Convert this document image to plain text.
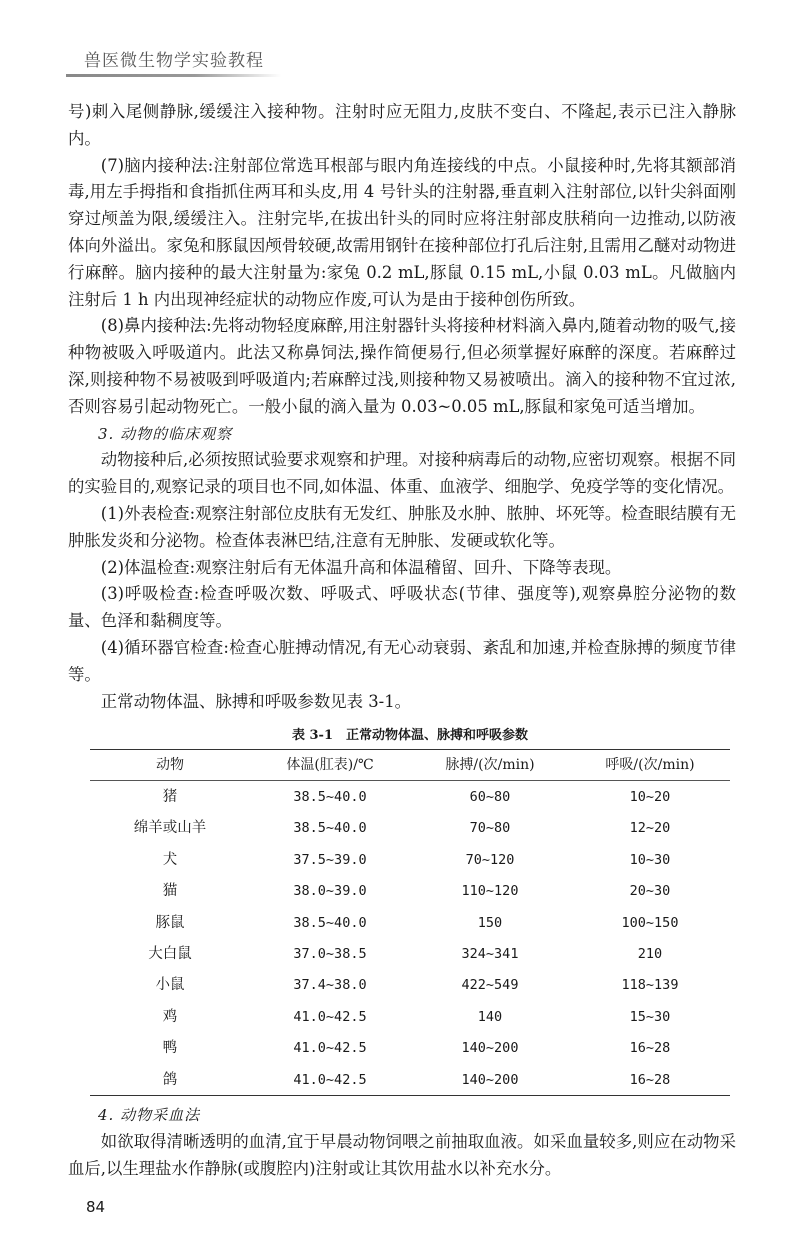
兽医微生物学实验教程

号)刺入尾侧静脉,缓缓注入接种物。注射时应无阻力,皮肤不变白、不隆起,表示已注入静脉内。

(7)脑内接种法:注射部位常选耳根部与眼内角连接线的中点。小鼠接种时,先将其额部消毒,用左手拇指和食指抓住两耳和头皮,用 4 号针头的注射器,垂直刺入注射部位,以针尖斜面刚穿过颅盖为限,缓缓注入。注射完毕,在拔出针头的同时应将注射部皮肤稍向一边推动,以防液体向外溢出。家兔和豚鼠因颅骨较硬,故需用钢针在接种部位打孔后注射,且需用乙醚对动物进行麻醉。脑内接种的最大注射量为:家兔 0.2 mL,豚鼠 0.15 mL,小鼠 0.03 mL。凡做脑内注射后 1 h 内出现神经症状的动物应作废,可认为是由于接种创伤所致。

(8)鼻内接种法:先将动物轻度麻醉,用注射器针头将接种材料滴入鼻内,随着动物的吸气,接种物被吸入呼吸道内。此法又称鼻饲法,操作简便易行,但必须掌握好麻醉的深度。若麻醉过深,则接种物不易被吸到呼吸道内;若麻醉过浅,则接种物又易被喷出。滴入的接种物不宜过浓,否则容易引起动物死亡。一般小鼠的滴入量为 0.03~0.05 mL,豚鼠和家兔可适当增加。

3. 动物的临床观察

动物接种后,必须按照试验要求观察和护理。对接种病毒后的动物,应密切观察。根据不同的实验目的,观察记录的项目也不同,如体温、体重、血液学、细胞学、免疫学等的变化情况。

(1)外表检查:观察注射部位皮肤有无发红、肿胀及水肿、脓肿、坏死等。检查眼结膜有无肿胀发炎和分泌物。检查体表淋巴结,注意有无肿胀、发硬或软化等。

(2)体温检查:观察注射后有无体温升高和体温稽留、回升、下降等表现。

(3)呼吸检查:检查呼吸次数、呼吸式、呼吸状态(节律、强度等),观察鼻腔分泌物的数量、色泽和黏稠度等。

(4)循环器官检查:检查心脏搏动情况,有无心动衰弱、紊乱和加速,并检查脉搏的频度节律等。

正常动物体温、脉搏和呼吸参数见表 3-1。

表 3-1　正常动物体温、脉搏和呼吸参数
动物	体温(肛表)/℃	脉搏/(次/min)	呼吸/(次/min)
猪	38.5~40.0	60~80	10~20
绵羊或山羊	38.5~40.0	70~80	12~20
犬	37.5~39.0	70~120	10~30
猫	38.0~39.0	110~120	20~30
豚鼠	38.5~40.0	150	100~150
大白鼠	37.0~38.5	324~341	210
小鼠	37.4~38.0	422~549	118~139
鸡	41.0~42.5	140	15~30
鸭	41.0~42.5	140~200	16~28
鸽	41.0~42.5	140~200	16~28
4. 动物采血法

如欲取得清晰透明的血清,宜于早晨动物饲喂之前抽取血液。如采血量较多,则应在动物采血后,以生理盐水作静脉(或腹腔内)注射或让其饮用盐水以补充水分。

84
